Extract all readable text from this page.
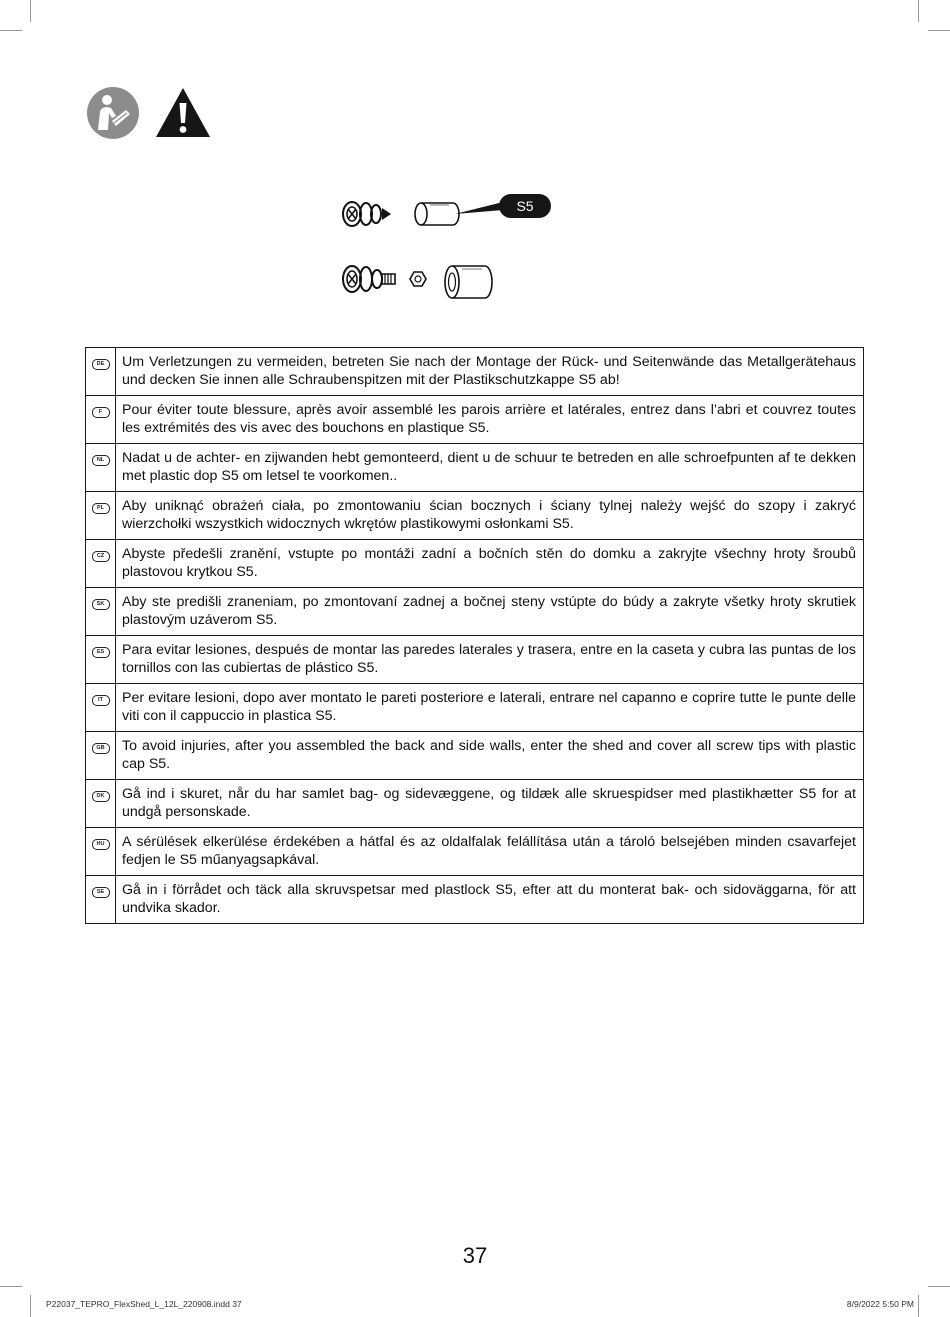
S5
DE	Um Verletzungen zu vermeiden, betreten Sie nach der Montage der Rück- und Seitenwände das Metallgerätehaus und decken Sie innen alle Schraubenspitzen mit der Plastikschutzkappe S5 ab!
F	Pour éviter toute blessure, après avoir assemblé les parois arrière et latérales, entrez dans l’abri et couvrez toutes les extrémités des vis avec des bouchons en plastique S5.
NL	Nadat u de achter- en zijwanden hebt gemonteerd, dient u de schuur te betreden en alle schroefpunten af te dekken met plastic dop S5 om letsel te voorkomen..
PL	Aby uniknąć obrażeń ciała, po zmontowaniu ścian bocznych i ściany tylnej należy wejść do szopy i zakryć wierzchołki wszystkich widocznych wkrętów plastikowymi osłonkami S5.
CZ	Abyste předešli zranění, vstupte po montáži zadní a bočních stěn do domku a zakryjte všechny hroty šroubů plastovou krytkou S5.
SK	Aby ste predišli zraneniam, po zmontovaní zadnej a bočnej steny vstúpte do búdy a zakryte všetky hroty skrutiek plastovým uzáverom S5.
ES	Para evitar lesiones, después de montar las paredes laterales y trasera, entre en la caseta y cubra las puntas de los tornillos con las cubiertas de plástico S5.
IT	Per evitare lesioni, dopo aver montato le pareti posteriore e laterali, entrare nel capanno e coprire tutte le punte delle viti con il cappuccio in plastica S5.
GB	To avoid injuries, after you assembled the back and side walls, enter the shed and cover all screw tips with plastic cap S5.
DK	Gå ind i skuret, når du har samlet bag- og sidevæggene, og tildæk alle skruespidser med plastikhætter S5 for at undgå personskade.
HU	A sérülések elkerülése érdekében a hátfal és az oldalfalak felállítása után a tároló belsejében minden csavarfejet fedjen le S5 műanyagsapkával.
SE	Gå in i förrådet och täck alla skruvspetsar med plastlock S5, efter att du monterat bak- och sidoväggarna, för att undvika skador.
37
P22037_TEPRO_FlexShed_L_12L_220908.indd 37	8/9/2022 5:50 PM
